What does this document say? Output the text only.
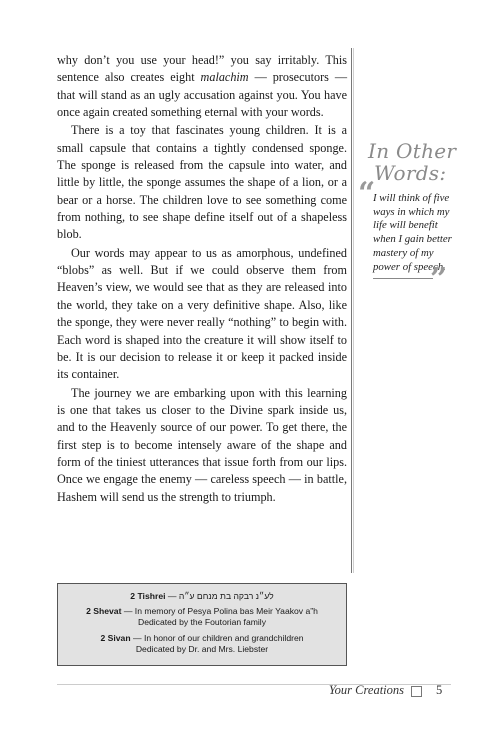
why don’t you use your head!” you say irritably. This sentence also creates eight malachim — prosecutors — that will stand as an ugly accusation against you. You have once again created something eternal with your words.

There is a toy that fascinates young children. It is a small capsule that contains a tightly condensed sponge. The sponge is released from the capsule into water, and little by little, the sponge assumes the shape of a lion, or a bear or a horse. The children love to see something come from nothing, to see shape define itself out of a shapeless blob.

Our words may appear to us as amorphous, undefined “blobs” as well. But if we could observe them from Heaven’s view, we would see that as they are released into the world, they take on a very definitive shape. Also, like the sponge, they were never really “nothing” to begin with. Each word is shaped into the creature it will show itself to be. It is our decision to release it or keep it packed inside its container.

The journey we are embarking upon with this learning is one that takes us closer to the Divine spark inside us, and to the Heavenly source of our power. To get there, the first step is to become intensely aware of the shape and form of the tiniest utterances that issue forth from our lips. Once we engage the enemy — careless speech — in battle, Hashem will send us the strength to triumph.

In Other
Words:
“
I will think of five ways in which my life will benefit when I gain better mastery of my power of speech.
”
2 Tishrei — לע״נ רבקה בת מנחם ע״ה
2 Shevat — In memory of Pesya Polina bas Meir Yaakov a”h
Dedicated by the Foutorian family
2 Sivan — In honor of our children and grandchildren
Dedicated by Dr. and Mrs. Liebster
Your Creations	5
